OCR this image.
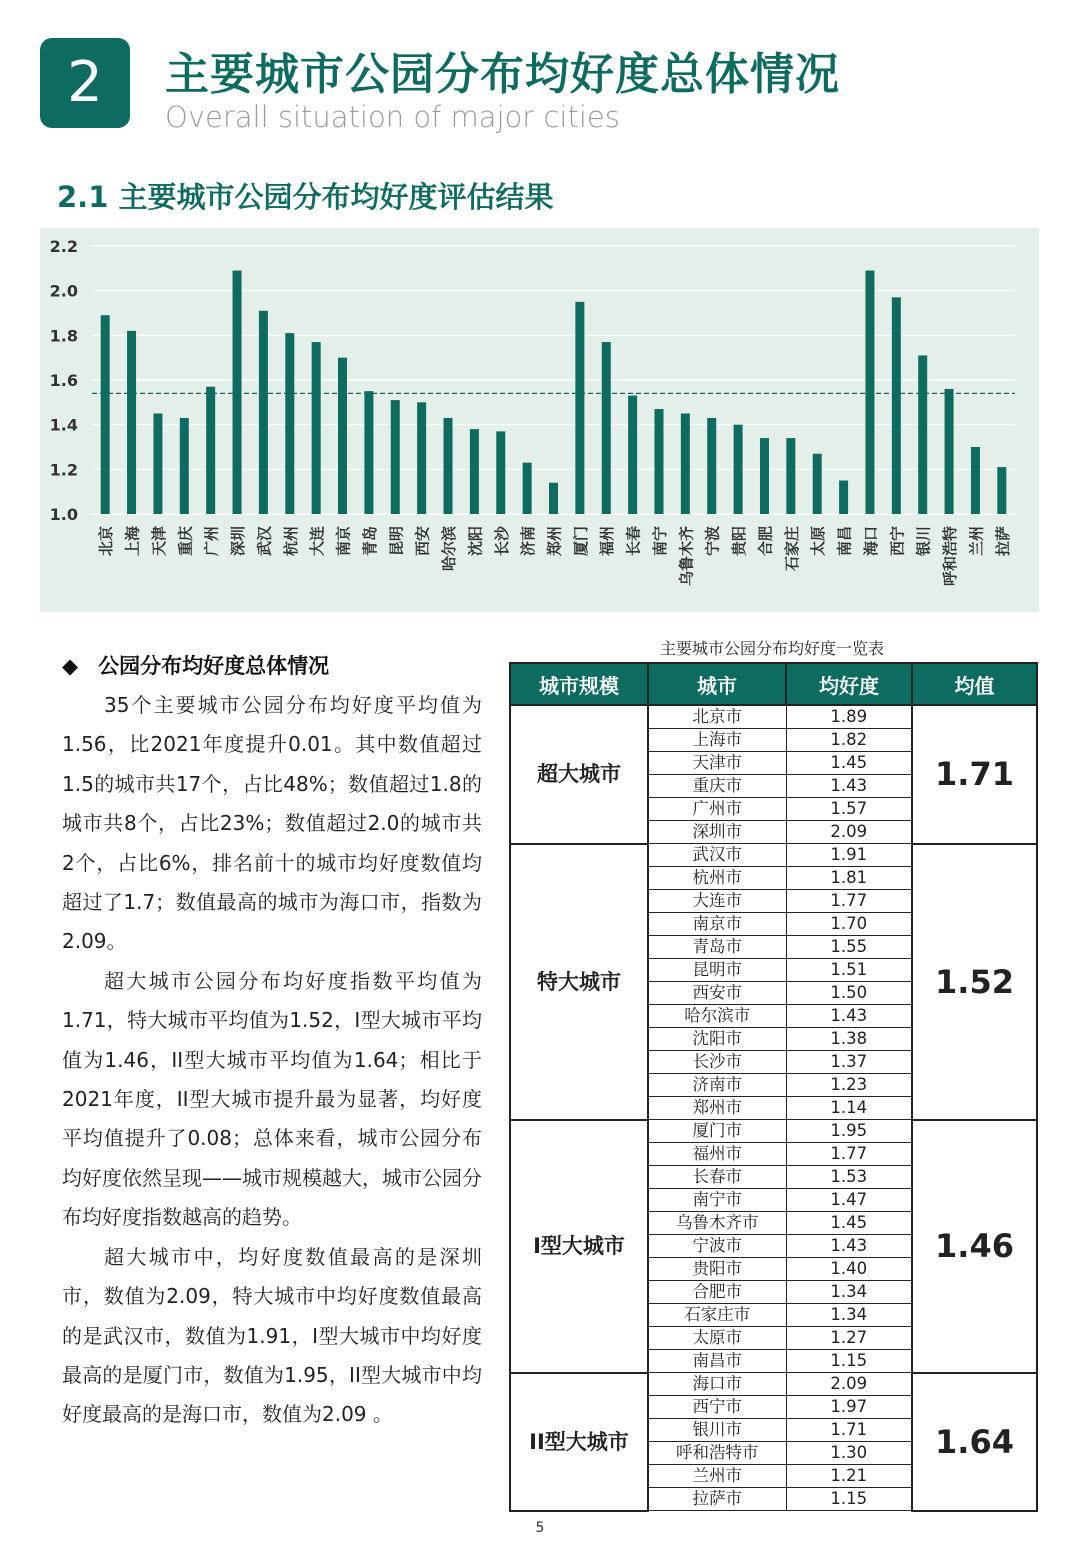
2	主要城市公园分布均好度总体情况
Overall situation of major cities
2.1 主要城市公园分布均好度评估结果
1.0
1.2
1.4
1.6
1.8
2.0
2.2
北京 上海 天津 重庆 广州 深圳 武汉 杭州 大连 南京 青岛 昆明 西安 哈尔滨 沈阳 长沙 济南 郑州 厦门 福州 长春 南宁 乌鲁木齐 宁波 贵阳 合肥 石家庄 太原 南昌 海口 西宁 银川 呼和浩特 兰州 拉萨
◆ 公园分布均好度总体情况

35个主要城市公园分布均好度平均值为1.56，比2021年度提升0.01。其中数值超过1.5的城市共17个，占比48%；数值超过1.8的城市共8个，占比23%；数值超过2.0的城市共2个，占比6%，排名前十的城市均好度数值均超过了1.7；数值最高的城市为海口市，指数为2.09。

超大城市公园分布均好度指数平均值为1.71，特大城市平均值为1.52，I型大城市平均值为1.46，II型大城市平均值为1.64；相比于2021年度，II型大城市提升最为显著，均好度平均值提升了0.08；总体来看，城市公园分布均好度依然呈现——城市规模越大，城市公园分布均好度指数越高的趋势。

超大城市中，均好度数值最高的是深圳市，数值为2.09，特大城市中均好度数值最高的是武汉市，数值为1.91，I型大城市中均好度最高的是厦门市，数值为1.95，II型大城市中均好度最高的是海口市，数值为2.09 。

主要城市公园分布均好度一览表
城市规模	城市	均好度	均值
超大城市	北京市	1.89	1.71
	上海市	1.82	
	天津市	1.45	
	重庆市	1.43	
	广州市	1.57	
	深圳市	2.09	
特大城市	武汉市	1.91	1.52
	杭州市	1.81	
	大连市	1.77	
	南京市	1.70	
	青岛市	1.55	
	昆明市	1.51	
	西安市	1.50	
	哈尔滨市	1.43	
	沈阳市	1.38	
	长沙市	1.37	
	济南市	1.23	
	郑州市	1.14	
I型大城市	厦门市	1.95	1.46
	福州市	1.77	
	长春市	1.53	
	南宁市	1.47	
	乌鲁木齐市	1.45	
	宁波市	1.43	
	贵阳市	1.40	
	合肥市	1.34	
	石家庄市	1.34	
	太原市	1.27	
	南昌市	1.15	
II型大城市	海口市	2.09	1.64
	西宁市	1.97	
	银川市	1.71	
	呼和浩特市	1.30	
	兰州市	1.21	
	拉萨市	1.15	
5
